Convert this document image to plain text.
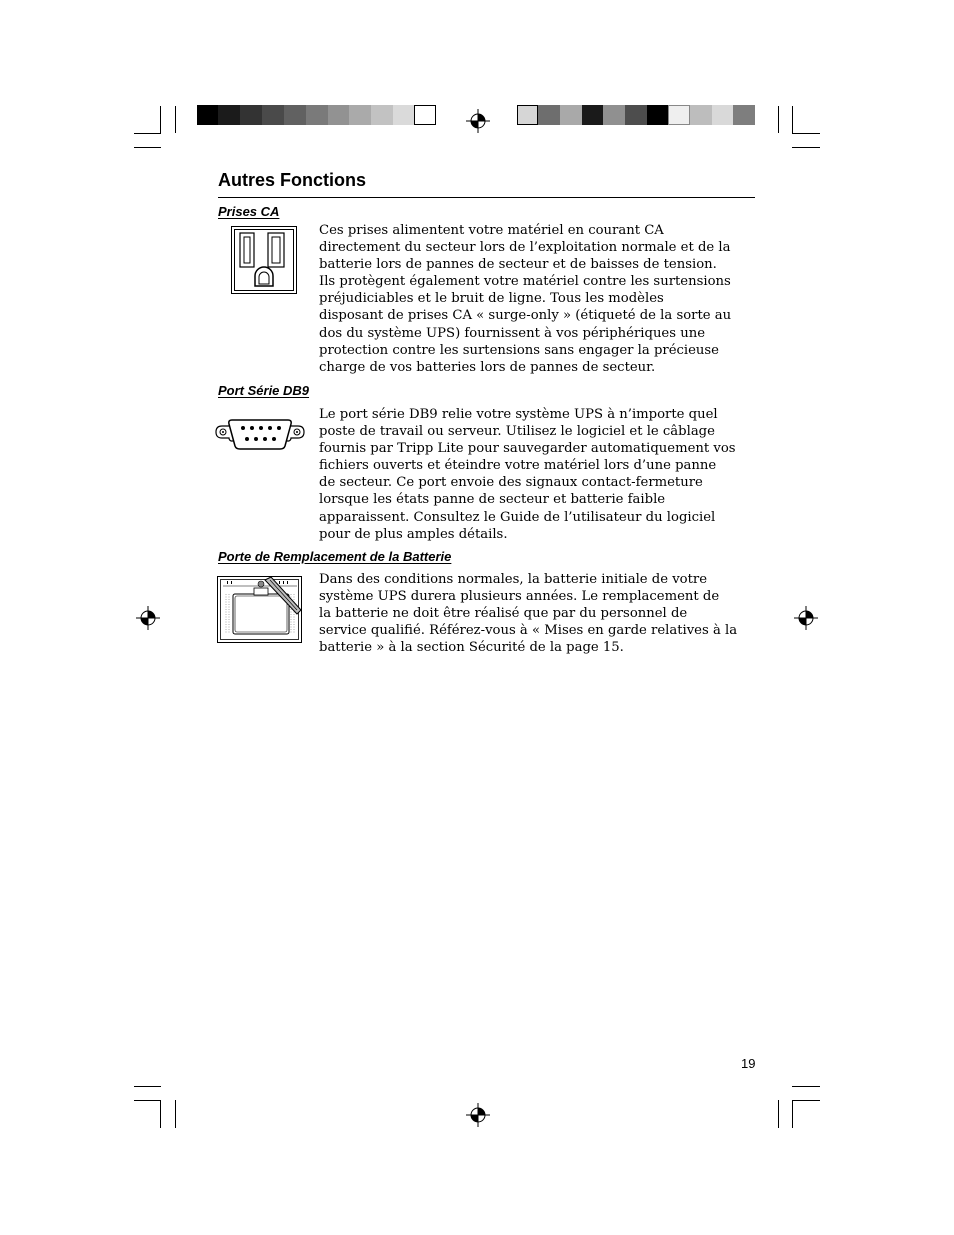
Autres Fonctions
Prises CA

Ces prises alimentent votre matériel en courant CA
directement du secteur lors de l’exploitation normale et de la
batterie lors de pannes de secteur et de baisses de tension.
Ils protègent également votre matériel contre les surtensions
préjudiciables et le bruit de ligne. Tous les modèles
disposant de prises CA « surge-only » (étiqueté de la sorte au
dos du système UPS) fournissent à vos périphériques une
protection contre les surtensions sans engager la précieuse
charge de vos batteries lors de pannes de secteur.

Port Série DB9

Le port série DB9 relie votre système UPS à n’importe quel
poste de travail ou serveur. Utilisez le logiciel et le câblage
fournis par Tripp Lite pour sauvegarder automatiquement vos
fichiers ouverts et éteindre votre matériel lors d’une panne
de secteur. Ce port envoie des signaux contact-fermeture
lorsque les états panne de secteur et batterie faible
apparaissent. Consultez le Guide de l’utilisateur du logiciel
pour de plus amples détails.

Porte de Remplacement de la Batterie

Dans des conditions normales, la batterie initiale de votre
système UPS durera plusieurs années. Le remplacement de
la batterie ne doit être réalisé que par du personnel de
service qualifié. Référez-vous à « Mises en garde relatives à la
batterie » à la section Sécurité de la page 15.

19
